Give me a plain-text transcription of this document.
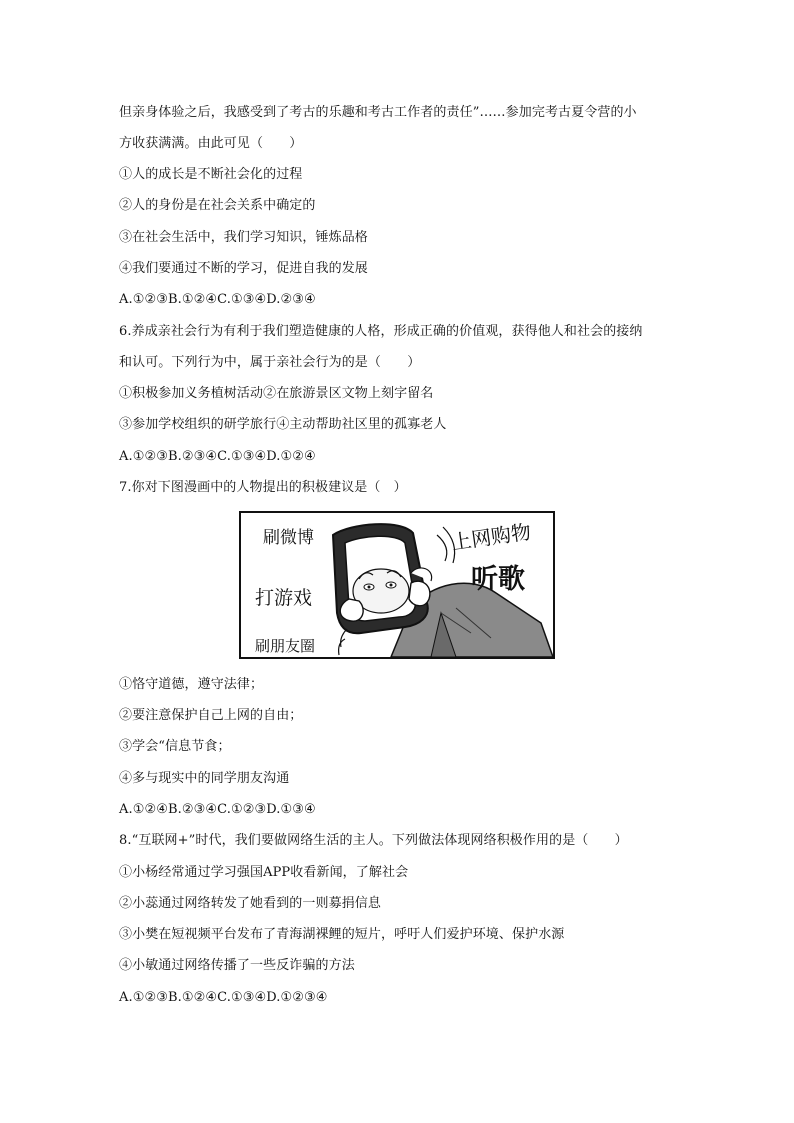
但亲身体验之后，我感受到了考古的乐趣和考古工作者的责任”……参加完考古夏令营的小
方收获满满。由此可见（　　）
①人的成长是不断社会化的过程
②人的身份是在社会关系中确定的
③在社会生活中，我们学习知识，锤炼品格
④我们要通过不断的学习，促进自我的发展
A.①②③B.①②④C.①③④D.②③④
6.养成亲社会行为有利于我们塑造健康的人格，形成正确的价值观，获得他人和社会的接纳
和认可。下列行为中，属于亲社会行为的是（　　）
①积极参加义务植树活动②在旅游景区文物上刻字留名
③参加学校组织的研学旅行④主动帮助社区里的孤寡老人
A.①②③B.②③④C.①③④D.①②④
7.你对下图漫画中的人物提出的积极建议是（　）
刷微博	上网购物
听歌
打游戏
刷朋友圈
①恪守道德，遵守法律；
②要注意保护自己上网的自由；
③学会“信息节食；
④多与现实中的同学朋友沟通
A.①②④B.②③④C.①②③D.①③④
8.“互联网+”时代，我们要做网络生活的主人。下列做法体现网络积极作用的是（　　）
①小杨经常通过学习强国APP收看新闻，了解社会
②小蕊通过网络转发了她看到的一则募捐信息
③小樊在短视频平台发布了青海湖裸鲤的短片，呼吁人们爱护环境、保护水源
④小敏通过网络传播了一些反诈骗的方法
A.①②③B.①②④C.①③④D.①②③④
